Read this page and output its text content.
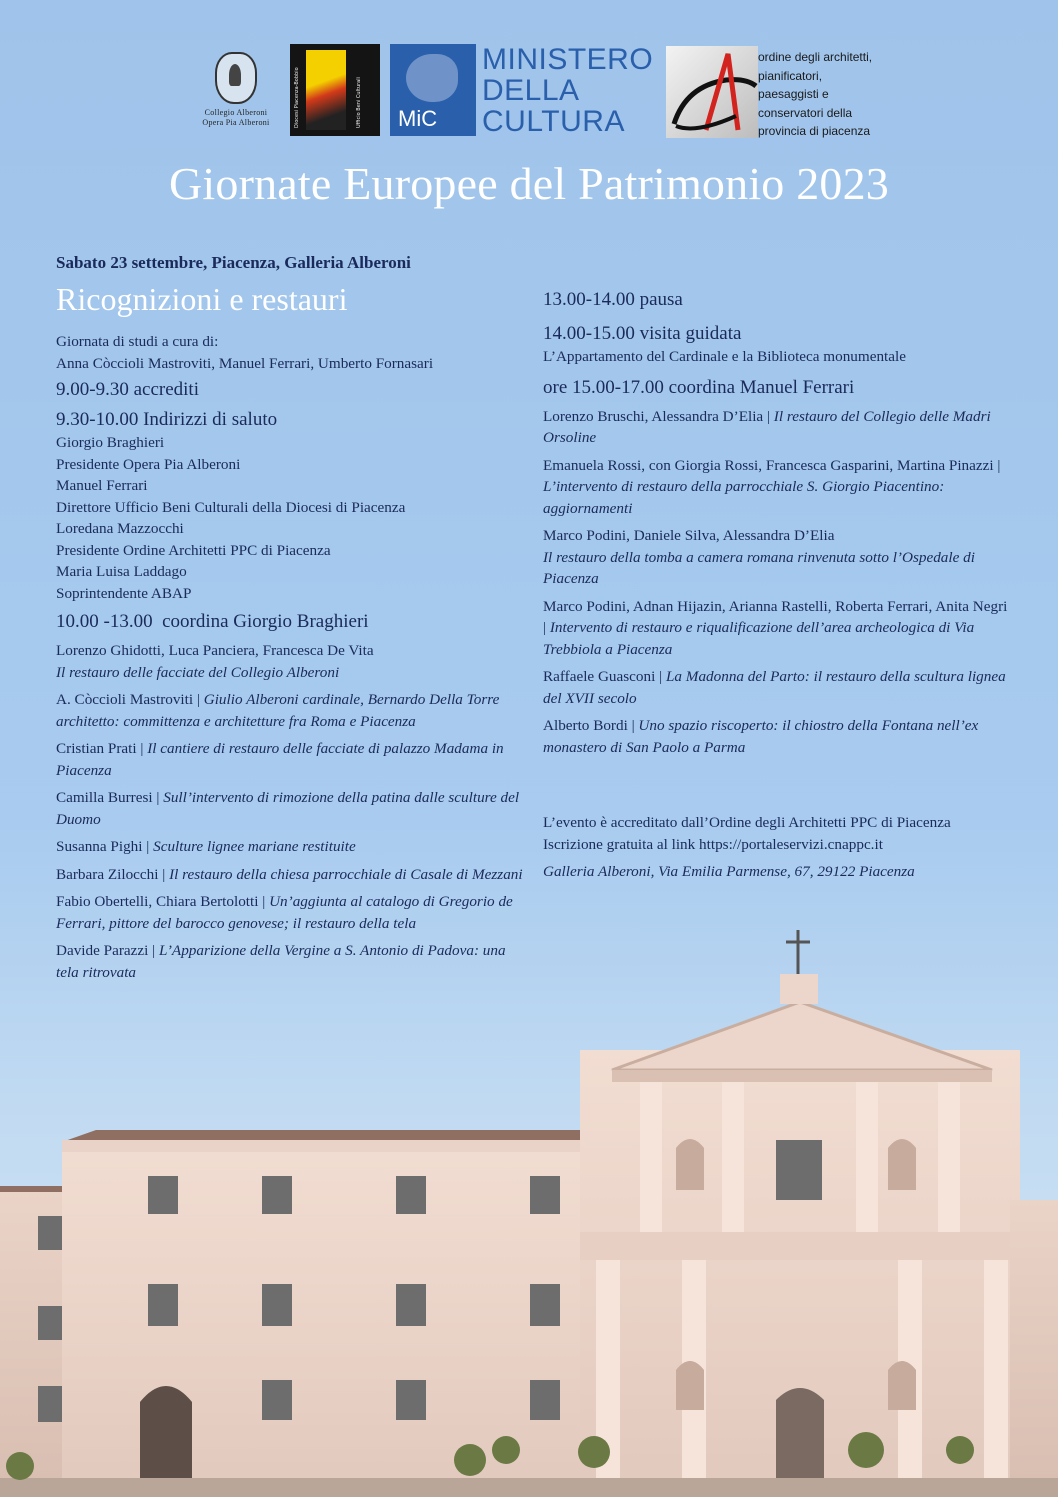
Collegio Alberoni
Opera Pia Alberoni	Diocesi Piacenza-Bobbio	Ufficio Beni Culturali MiC
MINISTERO
DELLA
CULTURA
ordine degli architetti,
pianificatori,
paesaggisti e
conservatori della
provincia di piacenza
Giornate Europee del Patrimonio 2023
Sabato 23 settembre, Piacenza, Galleria Alberoni
Ricognizioni e restauri
Giornata di studi a cura di:
Anna Còccioli Mastroviti, Manuel Ferrari, Umberto Fornasari
9.00-9.30 accrediti
9.30-10.00 Indirizzi di saluto
Giorgio Braghieri
Presidente Opera Pia Alberoni
Manuel Ferrari
Direttore Ufficio Beni Culturali della Diocesi di Piacenza
Loredana Mazzocchi
Presidente Ordine Architetti PPC di Piacenza
Maria Luisa Laddago
Soprintendente ABAP
10.00 -13.00  coordina Giorgio Braghieri
Lorenzo Ghidotti, Luca Panciera, Francesca De Vita
Il restauro delle facciate del Collegio Alberoni
A. Còccioli Mastroviti | Giulio Alberoni cardinale, Bernardo Della Torre architetto: committenza e architetture fra Roma e Piacenza
Cristian Prati | Il cantiere di restauro delle facciate di palazzo Madama in Piacenza
Camilla Burresi | Sull’intervento di rimozione della patina dalle sculture del Duomo
Susanna Pighi | Sculture lignee mariane restituite
Barbara Zilocchi | Il restauro della chiesa parrocchiale di Casale di Mezzani
Fabio Obertelli, Chiara Bertolotti | Un’aggiunta al catalogo di Gregorio de Ferrari, pittore del barocco genovese; il restauro della tela
Davide Parazzi | L’Apparizione della Vergine a S. Antonio di Padova: una tela ritrovata
13.00-14.00 pausa
14.00-15.00 visita guidata
L’Appartamento del Cardinale e la Biblioteca monumentale
ore 15.00-17.00 coordina Manuel Ferrari
Lorenzo Bruschi, Alessandra D’Elia | Il restauro del Collegio delle Madri Orsoline
Emanuela Rossi, con Giorgia Rossi, Francesca Gasparini, Martina Pinazzi | L’intervento di restauro della parrocchiale S. Giorgio Piacentino: aggiornamenti
Marco Podini, Daniele Silva, Alessandra D’Elia
Il restauro della tomba a camera romana rinvenuta sotto l’Ospedale di Piacenza
Marco Podini, Adnan Hijazin, Arianna Rastelli, Roberta Ferrari, Anita Negri | Intervento di restauro e riqualificazione dell’area archeologica di Via Trebbiola a Piacenza
Raffaele Guasconi | La Madonna del Parto: il restauro della scultura lignea del XVII secolo
Alberto Bordi | Uno spazio riscoperto: il chiostro della Fontana nell’ex monastero di San Paolo a Parma
L’evento è accreditato dall’Ordine degli Architetti PPC di Piacenza
Iscrizione gratuita al link https://portaleservizi.cnappc.it
Galleria Alberoni, Via Emilia Parmense, 67, 29122 Piacenza
